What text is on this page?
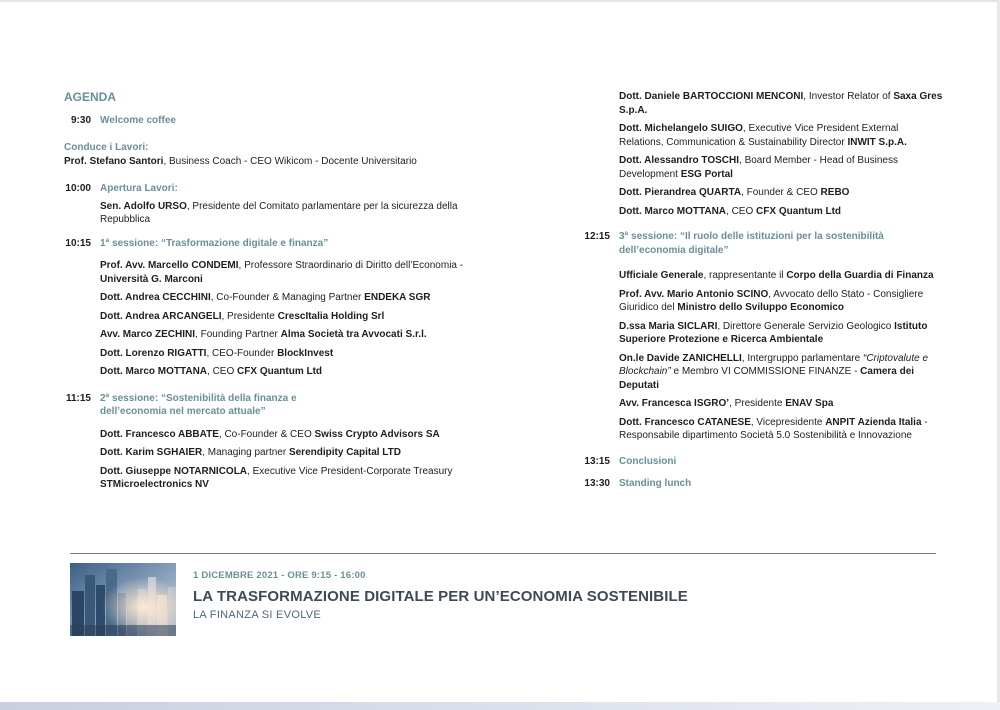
AGENDA
9:30 Welcome coffee
Conduce i Lavori:
Prof. Stefano Santori, Business Coach - CEO Wikicom - Docente Universitario
10:00 Apertura Lavori:
Sen. Adolfo URSO, Presidente del Comitato parlamentare per la sicurezza della Repubblica
10:15 1ª sessione: “Trasformazione digitale e finanza”
Prof. Avv. Marcello CONDEMI, Professore Straordinario di Diritto dell’Economia - Università G. Marconi
Dott. Andrea CECCHINI, Co-Founder & Managing Partner ENDEKA SGR
Dott. Andrea ARCANGELI, Presidente CrescItalia Holding Srl
Avv. Marco ZECHINI, Founding Partner Alma Società tra Avvocati S.r.l.
Dott. Lorenzo RIGATTI, CEO-Founder BlockInvest
Dott. Marco MOTTANA, CEO CFX Quantum Ltd
11:15 2ª sessione: “Sostenibilità della finanza e
dell’economia nel mercato attuale”
Dott. Francesco ABBATE, Co-Founder & CEO Swiss Crypto Advisors SA
Dott. Karim SGHAIER, Managing partner Serendipity Capital LTD
Dott. Giuseppe NOTARNICOLA, Executive Vice President-Corporate Treasury STMicroelectronics NV
Dott. Daniele BARTOCCIONI MENCONI, Investor Relator of Saxa Gres S.p.A.
Dott. Michelangelo SUIGO, Executive Vice President External Relations, Communication & Sustainability Director INWIT S.p.A.
Dott. Alessandro TOSCHI, Board Member - Head of Business Development ESG Portal
Dott. Pierandrea QUARTA, Founder & CEO REBO
Dott. Marco MOTTANA, CEO CFX Quantum Ltd
12:15 3ª sessione: “Il ruolo delle istituzioni per la sostenibilità
dell’economia digitale”
Ufficiale Generale, rappresentante il Corpo della Guardia di Finanza
Prof. Avv. Mario Antonio SCINO, Avvocato dello Stato - Consigliere Giuridico del Ministro dello Sviluppo Economico
D.ssa Maria SICLARI, Direttore Generale Servizio Geologico Istituto Superiore Protezione e Ricerca Ambientale
On.le Davide ZANICHELLI, Intergruppo parlamentare “Criptovalute e Blockchain” e Membro VI COMMISSIONE FINANZE - Camera dei Deputati
Avv. Francesca ISGRO’, Presidente ENAV Spa
Dott. Francesco CATANESE, Vicepresidente ANPIT Azienda Italia - Responsabile dipartimento Società 5.0 Sostenibilità e Innovazione
13:15 Conclusioni
13:30 Standing lunch
1 DICEMBRE 2021 - ORE 9:15 - 16:00
LA TRASFORMAZIONE DIGITALE PER UN’ECONOMIA SOSTENIBILE
LA FINANZA SI EVOLVE
